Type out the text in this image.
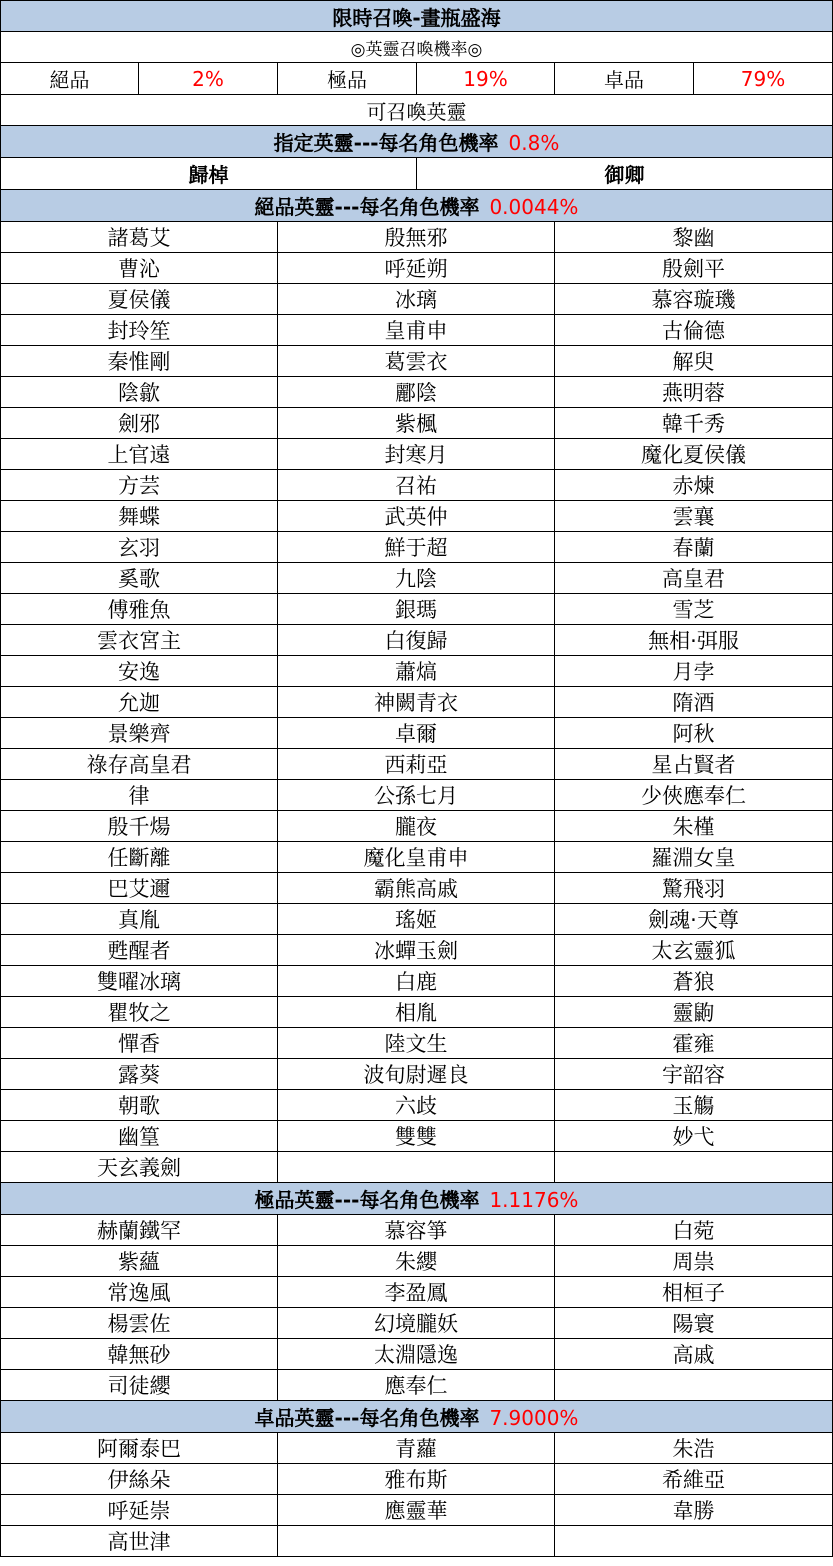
限時召喚-畫瓶盛海					
◎英靈召喚機率◎					
絕品	2%	極品	19%	卓品	79%
可召喚英靈					
指定英靈---每名角色機率 0.8%					
歸棹			御卿		
絕品英靈---每名角色機率 0.0044%					
諸葛艾		殷無邪		黎幽	
曹沁		呼延朔		殷劍平	
夏侯儀		冰璃		慕容璇璣	
封玲笙		皇甫申		古倫德	
秦惟剛		葛雲衣		解臾	
陰歙		酈陰		燕明蓉	
劍邪		紫楓		韓千秀	
上官遠		封寒月		魔化夏侯儀	
方芸		召祐		赤煉	
舞蝶		武英仲		雲襄	
玄羽		鮮于超		春蘭	
奚歌		九陰		高皇君	
傅雅魚		銀瑪		雪芝	
雲衣宮主		白復歸		無相·弭服	
安逸		蕭熇		月孛	
允迦		神闕青衣		隋酒	
景樂齊		卓爾		阿秋	
祿存高皇君		西莉亞		星占賢者	
律		公孫七月		少俠應奉仁	
殷千煬		朧夜		朱槿	
任斷離		魔化皇甫申		羅淵女皇	
巴艾邇		霸熊高戚		驚飛羽	
真胤		瑤姬		劍魂·天尊	
甦醒者		冰蟬玉劍		太玄靈狐	
雙曜冰璃		白鹿		蒼狼	
瞿牧之		相胤		靈鼩	
憚香		陸文生		霍雍	
露葵		波旬尉遲良		宇韶容	
朝歌		六歧		玉觴	
幽篁		雙雙		妙弋	
天玄義劍					
極品英靈---每名角色機率 1.1176%					
赫蘭鐵罕		慕容箏		白菀	
紫蘊		朱纓		周祟	
常逸風		李盈鳳		相桓子	
楊雲佐		幻境朧妖		陽寰	
韓無砂		太淵隱逸		高戚	
司徒纓		應奉仁			
卓品英靈---每名角色機率 7.9000%					
阿爾泰巴		青蘿		朱浩	
伊絲朵		雅布斯		希維亞	
呼延崇		應靈華		韋勝	
高世津					
